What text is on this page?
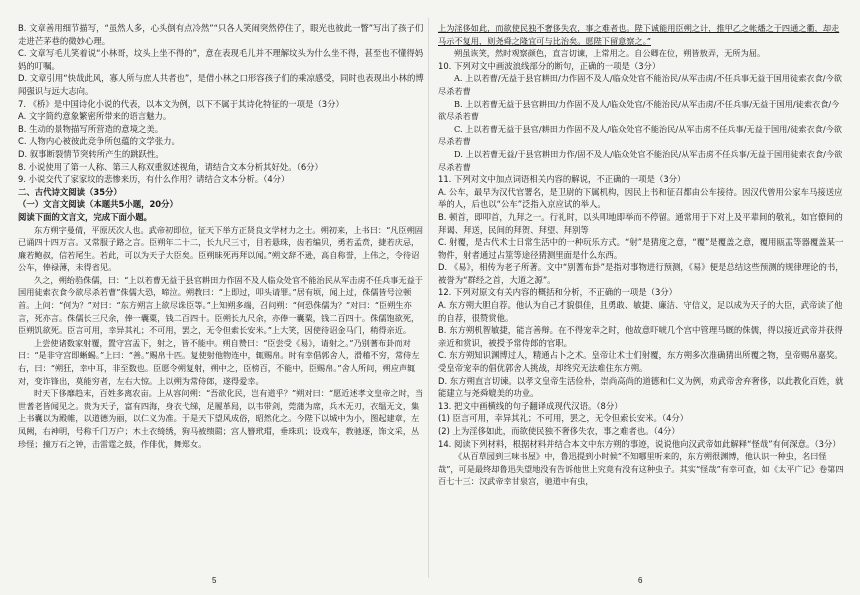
B. 文章善用细节描写，“虽然人多，心头倒有点冷然”“只各人笑闹突然停住了，眼光也彼此一瞥”写出了孩子们走进芒茅巷的微妙心理。
C. 文章写毛儿笑着说“小林哥，坟头上坐不得的”，意在表现毛儿并不理解坟头为什么坐不得，甚至也不懂得妈妈的叮嘱。
D. 文章引用“快哉此风，寡人所与庶人共者也”，是借小林之口形容孩子们的乘凉感受，同时也表现出小林的博闻强识与远大志向。
7. 《桥》是中国诗化小说的代表，以本文为例，以下不属于其诗化特征的一项是（3分）
A. 文字简约意象繁密所带来的语言魅力。
B. 生动的景物描写所营造的意境之美。
C. 人物内心被彼此竞争所包蕴的文学张力。
D. 叙事断裂情节突转所产生的跳跃性。
8. 小说使用了第一人称、第三人称双重叙述视角，请结合文本分析其好处。（6分）
9. 小说交代了家家坟的悲惨来历，有什么作用？请结合文本分析。（4分）
二、古代诗文阅读（35分）
（一）文言文阅读（本题共5小题，20分）
阅读下面的文言文，完成下面小题。
东方朔字曼倩，平原厌次人也。武帝初即位，征天下举方正贤良文学材力之士。朔初来，上书曰：“凡臣朔固已诵四十四万言。又常服子路之言。臣朔年二十二，长九尺三寸，目若悬珠，齿若编贝，勇若孟贲，捷若庆忌，廉若鲍叔，信若尾生。若此，可以为天子大臣矣。臣朔昧死再拜以闻。”朔文辞不逊，高自称誉，上伟之，令待诏公车，俸禄薄，未得省见。
久之，朔绐驺侏儒，曰：“上以若曹无益于县官耕田力作固不及人临众处官不能治民从军击虏不任兵事无益于国用徒索衣食今欲尽杀若曹”侏儒大恐，啼泣。朔教曰：“上即过，叩头请罪。”居有顷，闻上过，侏儒皆号泣顿首。上问：“何为？”对曰：“东方朔言上欲尽诛臣等。”上知朔多端，召问朔：“何恐侏儒为？”对曰：“臣朔生亦言，死亦言。侏儒长三尺余，俸一囊粟，钱二百四十。臣朔长九尺余，亦俸一囊粟，钱二百四十。侏儒饱欲死，臣朔饥欲死。臣言可用，幸异其礼；不可用，罢之，无令但索长安米。”上大笑，因使待诏金马门，稍得亲近。
上尝使诸数家射覆，置守宫盂下，射之，皆不能中。朔自赞曰：“臣尝受《易》，请射之。”乃别蓍布卦而对曰：“是非守宫即蜥蜴。”上曰：“善。”赐帛十匹。复使射他物连中，辄赐帛。时有幸倡郭舍人，滑稽不穷，常侍左右，曰：“朔狂，幸中耳，非至数也。臣愿令朔复射，朔中之，臣榜百，不能中，臣赐帛。”舍人所问，朔应声辄对，变诈锋出，莫能穷者，左右大惊。上以朔为常侍郎，遂得爱幸。
时天下侈靡趋末，百姓多离农亩。上从容问朔：“吾欲化民，岂有道乎？”朔对曰：“愿近述孝文皇帝之时，当世耆老皆闻见之。贵为天子，富有四海，身衣弋绨，足履革舄，以韦带剑，莞蒲为席，兵木无刃，衣缊无文，集上书囊以为殿帷，以道德为丽，以仁义为准。于是天下望风成俗，昭然化之。今陛下以城中为小，图起建章，左凤阙，右神明，号称千门万户；木土衣绮绣，狗马被缋罽；宫人簪玳瑁，垂珠玑；设戏车，教驰逐，饰文采，丛珍怪；撞万石之钟，击雷霆之鼓，作俳优，舞郑女。
上为淫侈如此，而欲使民独不奢侈失农，事之难者也。陛下诚能用臣朔之计，推甲乙之帐燔之于四通之衢，却走马示不复用，则尧舜之隆宜可与比治矣。愿陛下留意察之。”
朔虽诙笑，然时观察颜色，直言切谏，上常用之。自公卿在位，朔皆敖弄，无所为屈。
10. 下列对文中画波浪线部分的断句，正确的一项是（3分）
A. 上以若曹/无益于县官耕田/力作固不及人/临众处官不能治民/从军击虏/不任兵事无益于国用徒索衣食/今欲尽杀若曹
B. 上以若曹无益于县官耕田/力作固不及人/临众处官/不能治民/从军击虏/不任兵事/无益于国用/徒索衣食/今欲尽杀若曹
C. 上以若曹无益于县官/耕田力作固不及人/临众处官不能治民/从军击虏不任兵事/无益于国用/徒索衣食/今欲尽杀若曹
D. 上以若曹无益/于县官耕田力作/固不及人/临众处官不能治民/从军击虏不任兵事/无益于国用徒索衣食/今欲尽杀若曹
11. 下列对文中加点词语相关内容的解说，不正确的一项是（3分）
A. 公车，最早为汉代官署名，是卫尉的下属机构，因民上书和征召都由公车接待。因汉代曾用公家车马接送应举的人，后也以“公车”泛指入京应试的举人。
B. 顿首，即叩首，九拜之一。行礼时，以头叩地即举而不停留。通常用于下对上及平辈间的敬礼，如官僚间的拜谒、拜送，民间的拜贺、拜望、拜别等
C. 射覆，是古代术士日常生活中的一种玩乐方式。“射”是猜度之意，“覆”是覆盖之意，覆用瓯盂等器覆盖某一物件，射者通过占筮等途径猜测里面是什么东西。
D. 《易》，相传为老子所著。文中“别蓍布卦”是指对事物进行预测，《易》便是总结这些预测的规律理论的书，被誉为“群经之首，大道之源”。
12. 下列对原文有关内容的概括和分析，不正确的一项是（3分）
A. 东方朔大胆自荐。他认为自己才貌俱佳，且勇敢、敏捷、廉洁、守信义，足以成为天子的大臣，武帝读了他的自荐，很赞赏他。
B. 东方朔机智敏捷，能言善辩。在不得宠幸之时，他故意吓唬几个宫中管理马厩的侏儒，得以接近武帝并获得亲近和赏识，被授予常侍郎的官职。
C. 东方朔知识渊博过人，精通占卜之术。皇帝让术士们射覆，东方朔多次准确猜出所覆之物，皇帝赐帛嘉奖。受皇帝宠幸的倡优郭舍人挑战，却终究无法难住东方朔。
D. 东方朔直言切谏。以孝文皇帝生活俭朴，崇尚高尚的道德和仁义为例，劝武帝舍弃奢侈，以此教化百姓，就能建立与尧舜媲美的功业。
13. 把文中画横线的句子翻译成现代汉语。（8分）
(1) 臣言可用，幸异其礼；不可用，罢之，无令但索长安米。（4分）
(2) 上为淫侈如此，而欲使民独不奢侈失农，事之难者也。（4分）
14. 阅读下列材料，根据材料并结合本文中东方朔的事迹，说说他向汉武帝如此解释“怪哉”有何深意。（3分）
《从百草园到三味书屋》中，鲁迅提到小时候“不知哪里听来的，东方朔很渊博，他认识一种虫，名曰怪哉”，可是最终却鲁迅失望地没有告诉他世上究竟有没有这种虫子。其实“怪哉”有幸可查，如《太平广记》卷第四百七十三：汉武帝幸甘泉宫，驰道中有虫，
5	6
